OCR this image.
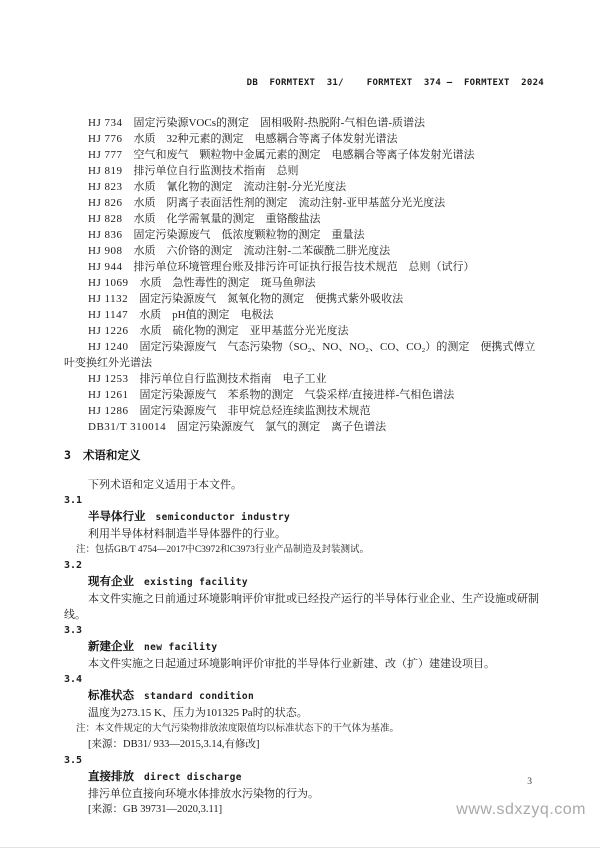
DB  FORMTEXT  31/    FORMTEXT  374 —  FORMTEXT  2024

HJ 734 固定污染源VOCs的测定　固相吸附-热脱附-气相色谱-质谱法

HJ 776 水质　32种元素的测定　电感耦合等离子体发射光谱法

HJ 777 空气和废气　颗粒物中金属元素的测定　电感耦合等离子体发射光谱法

HJ 819 排污单位自行监测技术指南　总则

HJ 823 水质　氰化物的测定　流动注射-分光光度法

HJ 826 水质　阴离子表面活性剂的测定　流动注射-亚甲基蓝分光光度法

HJ 828 水质　化学需氧量的测定　重铬酸盐法

HJ 836 固定污染源废气　低浓度颗粒物的测定　重量法

HJ 908 水质　六价铬的测定　流动注射-二苯碳酰二肼光度法

HJ 944 排污单位环境管理台账及排污许可证执行报告技术规范　总则（试行）

HJ 1069 水质　急性毒性的测定　斑马鱼卵法

HJ 1132 固定污染源废气　氮氧化物的测定　便携式紫外吸收法

HJ 1147 水质　pH值的测定　电极法

HJ 1226 水质　硫化物的测定　亚甲基蓝分光光度法

HJ 1240 固定污染源废气　气态污染物（SO₂、NO、NO₂、CO、CO₂）的测定　便携式傅立叶变换红外光谱法

HJ 1253 排污单位自行监测技术指南　电子工业

HJ 1261 固定污染源废气　苯系物的测定　气袋采样/直接进样-气相色谱法

HJ 1286 固定污染源废气　非甲烷总烃连续监测技术规范

DB31/T 310014 固定污染源废气　氯气的测定　离子色谱法

3 术语和定义

下列术语和定义适用于本文件。

3.1

半导体行业 semiconductor industry

利用半导体材料制造半导体器件的行业。

注：包括GB/T 4754—2017中C3972和C3973行业产品制造及封装测试。

3.2

现有企业 existing facility

本文件实施之日前通过环境影响评价审批或已经投产运行的半导体行业企业、生产设施或研制线。

3.3

新建企业 new facility

本文件实施之日起通过环境影响评价审批的半导体行业新建、改（扩）建建设项目。

3.4

标准状态 standard condition

温度为273.15 K、压力为101325 Pa时的状态。

注：本文件规定的大气污染物排放浓度限值均以标准状态下的干气体为基准。

[来源：DB31/ 933—2015,3.14,有修改]

3.5

直接排放 direct discharge

排污单位直接向环境水体排放水污染物的行为。

[来源：GB 39731—2020,3.11]

3
www.sdxzyq.com
